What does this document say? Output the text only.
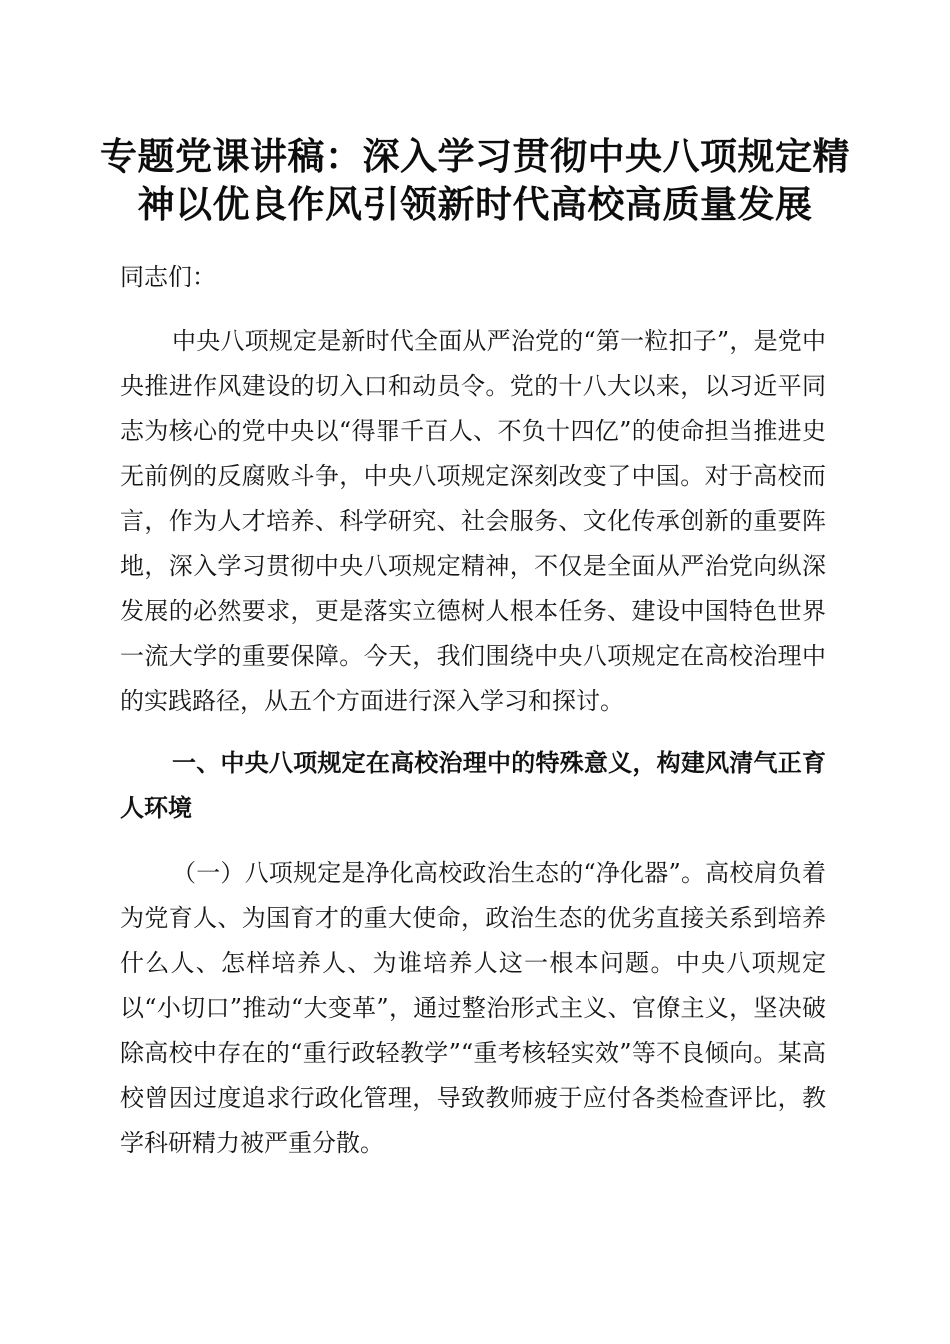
专题党课讲稿：深入学习贯彻中央八项规定精神以优良作风引领新时代高校高质量发展

同志们：

中央八项规定是新时代全面从严治党的“第一粒扣子”，是党中央推进作风建设的切入口和动员令。党的十八大以来，以习近平同志为核心的党中央以“得罪千百人、不负十四亿”的使命担当推进史无前例的反腐败斗争，中央八项规定深刻改变了中国。对于高校而言，作为人才培养、科学研究、社会服务、文化传承创新的重要阵地，深入学习贯彻中央八项规定精神，不仅是全面从严治党向纵深发展的必然要求，更是落实立德树人根本任务、建设中国特色世界一流大学的重要保障。今天，我们围绕中央八项规定在高校治理中的实践路径，从五个方面进行深入学习和探讨。

一、中央八项规定在高校治理中的特殊意义，构建风清气正育人环境

（一）八项规定是净化高校政治生态的“净化器”。高校肩负着为党育人、为国育才的重大使命，政治生态的优劣直接关系到培养什么人、怎样培养人、为谁培养人这一根本问题。中央八项规定以“小切口”推动“大变革”，通过整治形式主义、官僚主义，坚决破除高校中存在的“重行政轻教学”“重考核轻实效”等不良倾向。某高校曾因过度追求行政化管理，导致教师疲于应付各类检查评比，教学科研精力被严重分散。
